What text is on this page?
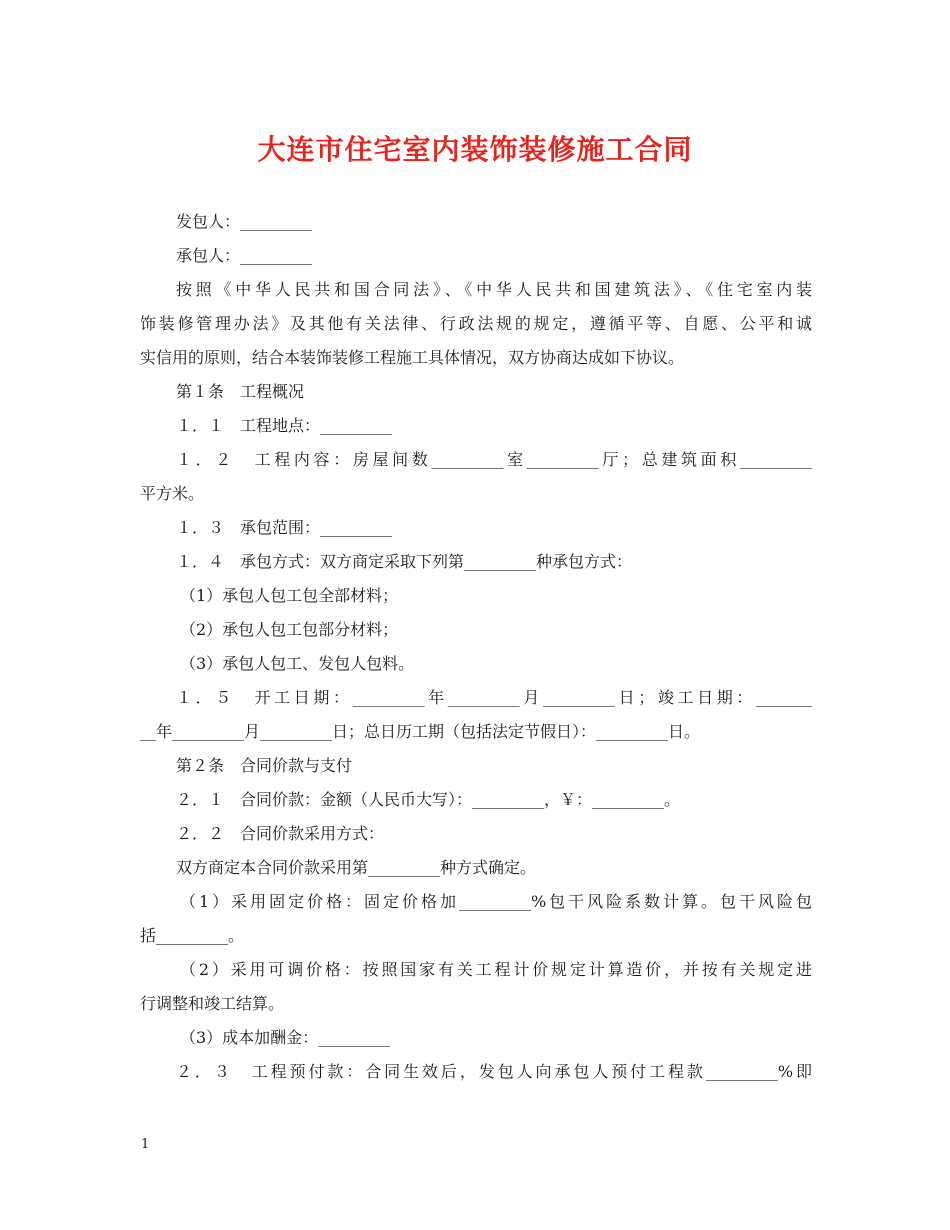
大连市住宅室内装饰装修施工合同

发包人：_________

承包人：_________

按照《中华人民共和国合同法》、《中华人民共和国建筑法》、《住宅室内装

饰装修管理办法》及其他有关法律、行政法规的规定，遵循平等、自愿、公平和诚

实信用的原则，结合本装饰装修工程施工具体情况，双方协商达成如下协议。

第１条　工程概况

１．１　工程地点：_________

１．２　工程内容：房屋间数_________室_________厅；总建筑面积_________

平方米。

１．３　承包范围：_________

１．４　承包方式：双方商定采取下列第_________种承包方式：

（1）承包人包工包全部材料；

（2）承包人包工包部分材料；

（3）承包人包工、发包人包料。

１．５　开工日期：_________年_________月_________日；竣工日期：_______

__年_________月_________日；总日历工期（包括法定节假日）：_________日。

第２条　合同价款与支付

２．１　合同价款：金额（人民币大写）：_________，￥：_________。

２．２　合同价款采用方式：

双方商定本合同价款采用第_________种方式确定。

（1）采用固定价格：固定价格加_________%包干风险系数计算。包干风险包

括_________。

（2）采用可调价格：按照国家有关工程计价规定计算造价，并按有关规定进

行调整和竣工结算。

（3）成本加酬金：_________

２．３　工程预付款：合同生效后，发包人向承包人预付工程款_________%即

1
